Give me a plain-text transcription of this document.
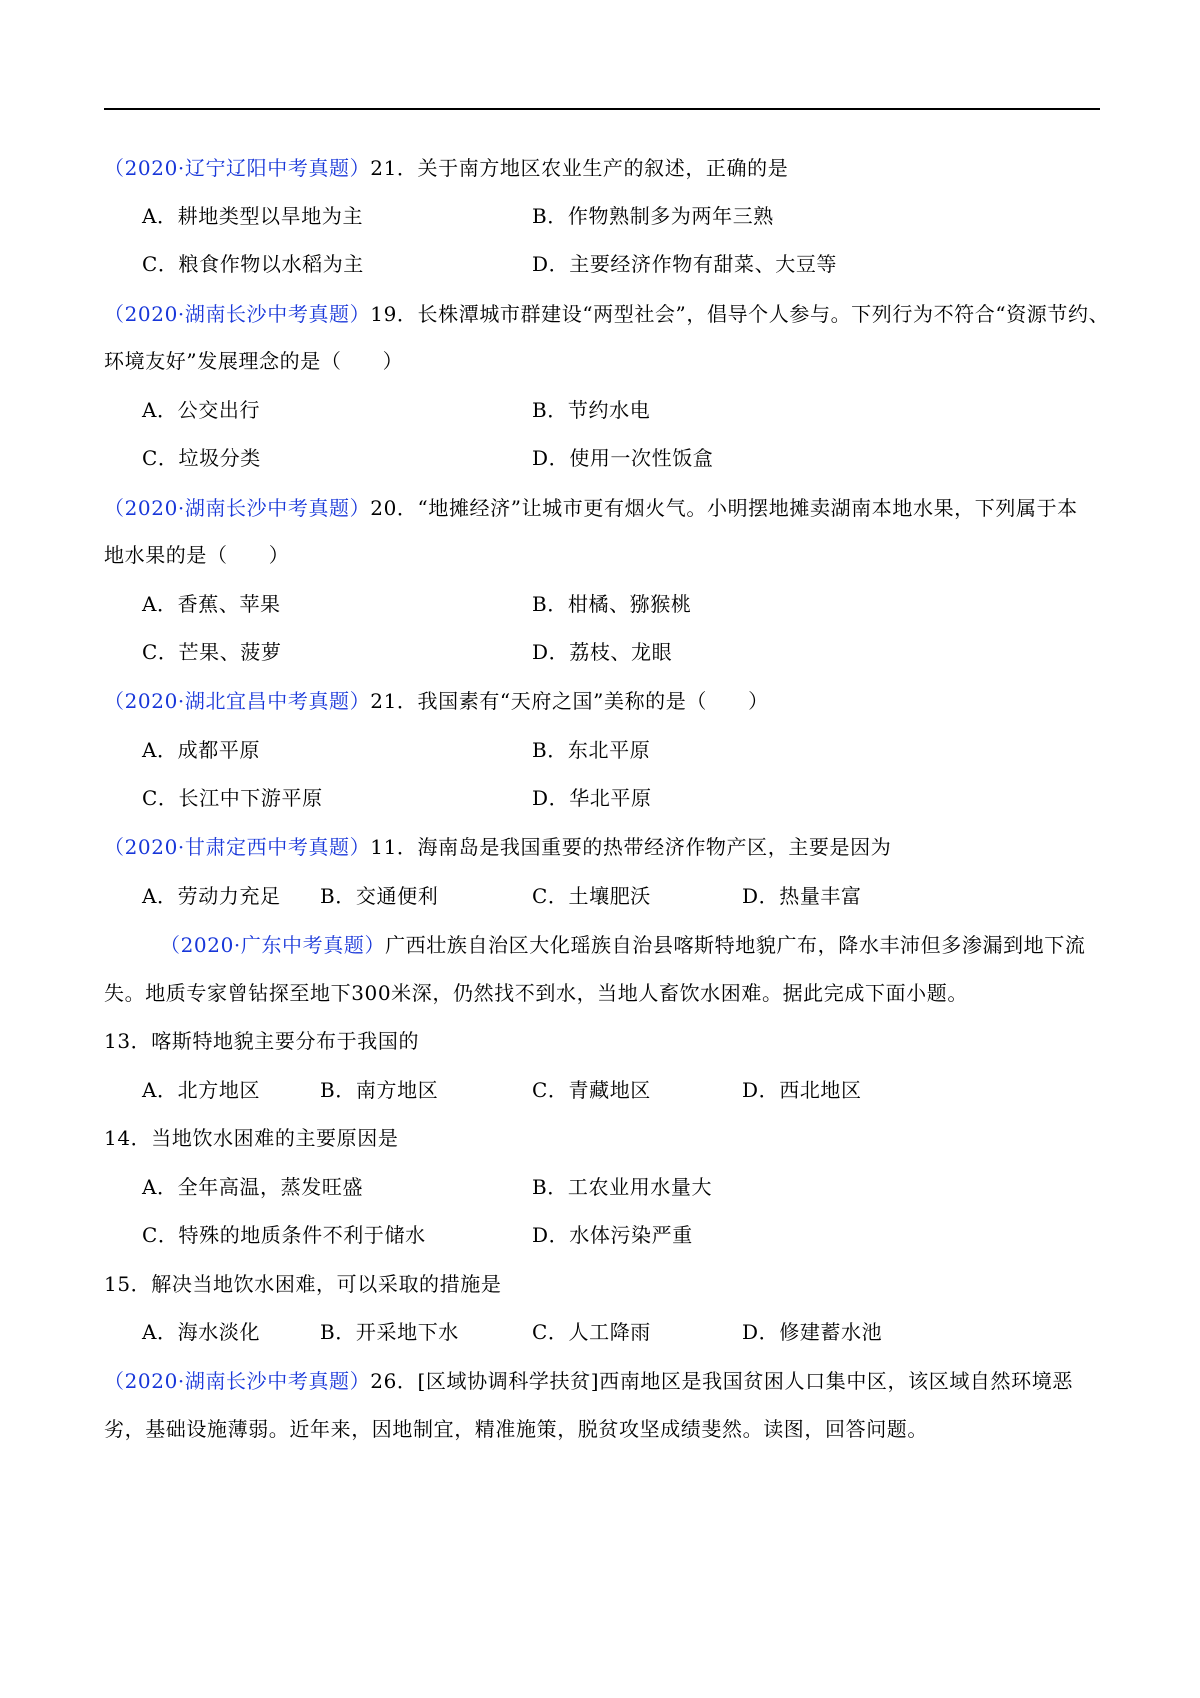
（2020·辽宁辽阳中考真题）21．关于南方地区农业生产的叙述，正确的是
A．耕地类型以旱地为主	B．作物熟制多为两年三熟
C．粮食作物以水稻为主	D．主要经济作物有甜菜、大豆等
（2020·湖南长沙中考真题）19．长株潭城市群建设“两型社会”，倡导个人参与。下列行为不符合“资源节约、
环境友好”发展理念的是（　　）
A．公交出行	B．节约水电
C．垃圾分类	D．使用一次性饭盒
（2020·湖南长沙中考真题）20．“地摊经济”让城市更有烟火气。小明摆地摊卖湖南本地水果，下列属于本
地水果的是（　　）
A．香蕉、苹果	B．柑橘、猕猴桃
C．芒果、菠萝	D．荔枝、龙眼
（2020·湖北宜昌中考真题）21．我国素有“天府之国”美称的是（　　）
A．成都平原	B．东北平原
C．长江中下游平原	D．华北平原
（2020·甘肃定西中考真题）11．海南岛是我国重要的热带经济作物产区，主要是因为
A．劳动力充足 B．交通便利	C．土壤肥沃	D．热量丰富
（2020·广东中考真题）广西壮族自治区大化瑶族自治县喀斯特地貌广布，降水丰沛但多渗漏到地下流
失。地质专家曾钻探至地下300米深，仍然找不到水，当地人畜饮水困难。据此完成下面小题。
13．喀斯特地貌主要分布于我国的
A．北方地区	B．南方地区	C．青藏地区	D．西北地区
14．当地饮水困难的主要原因是
A．全年高温，蒸发旺盛	B．工农业用水量大
C．特殊的地质条件不利于储水	D．水体污染严重
15．解决当地饮水困难，可以采取的措施是
A．海水淡化	B．开采地下水	C．人工降雨	D．修建蓄水池
（2020·湖南长沙中考真题）26．[区域协调科学扶贫]西南地区是我国贫困人口集中区，该区域自然环境恶
劣，基础设施薄弱。近年来，因地制宜，精准施策，脱贫攻坚成绩斐然。读图，回答问题。
